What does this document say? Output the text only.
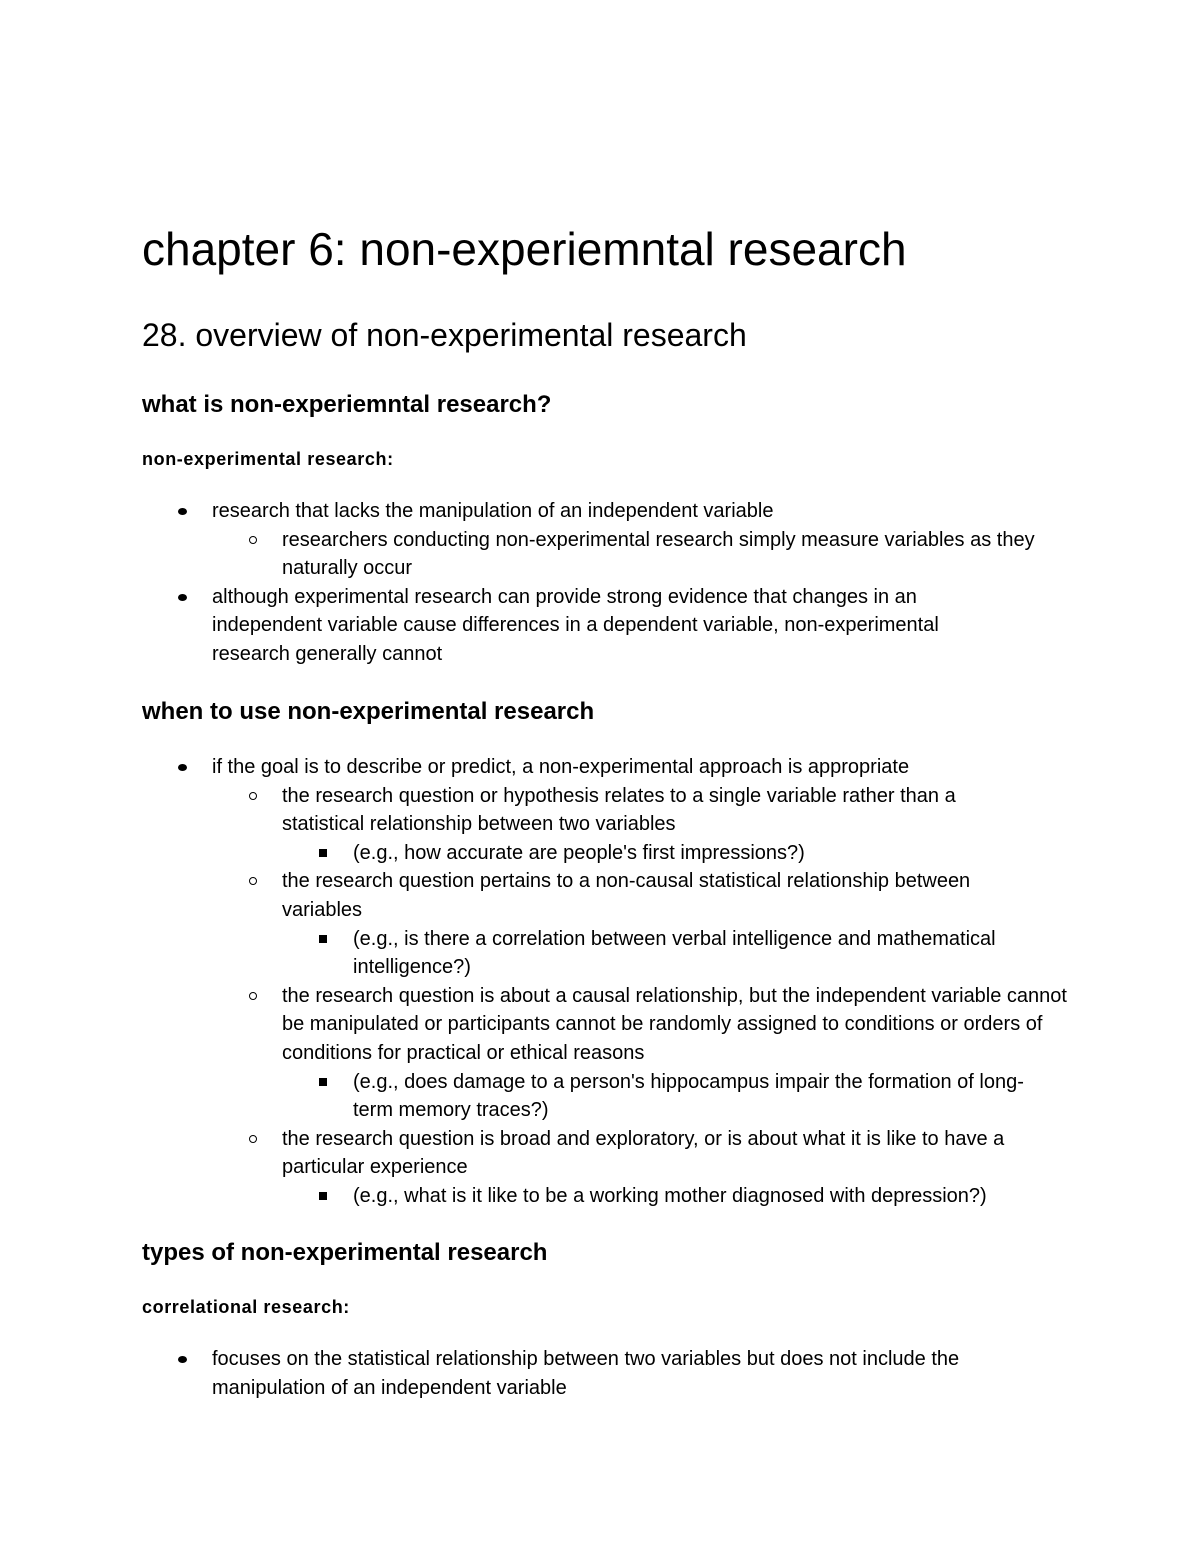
chapter 6: non-experiemntal research
28. overview of non-experimental research
what is non-experiemntal research?
non-experimental research:
research that lacks the manipulation of an independent variable
researchers conducting non-experimental research simply measure variables as they naturally occur
although experimental research can provide strong evidence that changes in an independent variable cause differences in a dependent variable, non-experimental research generally cannot
when to use non-experimental research
if the goal is to describe or predict, a non-experimental approach is appropriate
the research question or hypothesis relates to a single variable rather than a statistical relationship between two variables
(e.g., how accurate are people's first impressions?)
the research question pertains to a non-causal statistical relationship between variables
(e.g., is there a correlation between verbal intelligence and mathematical intelligence?)
the research question is about a causal relationship, but the independent variable cannot be manipulated or participants cannot be randomly assigned to conditions or orders of conditions for practical or ethical reasons
(e.g., does damage to a person's hippocampus impair the formation of long-term memory traces?)
the research question is broad and exploratory, or is about what it is like to have a particular experience
(e.g., what is it like to be a working mother diagnosed with depression?)
types of non-experimental research
correlational research:
focuses on the statistical relationship between two variables but does not include the manipulation of an independent variable
